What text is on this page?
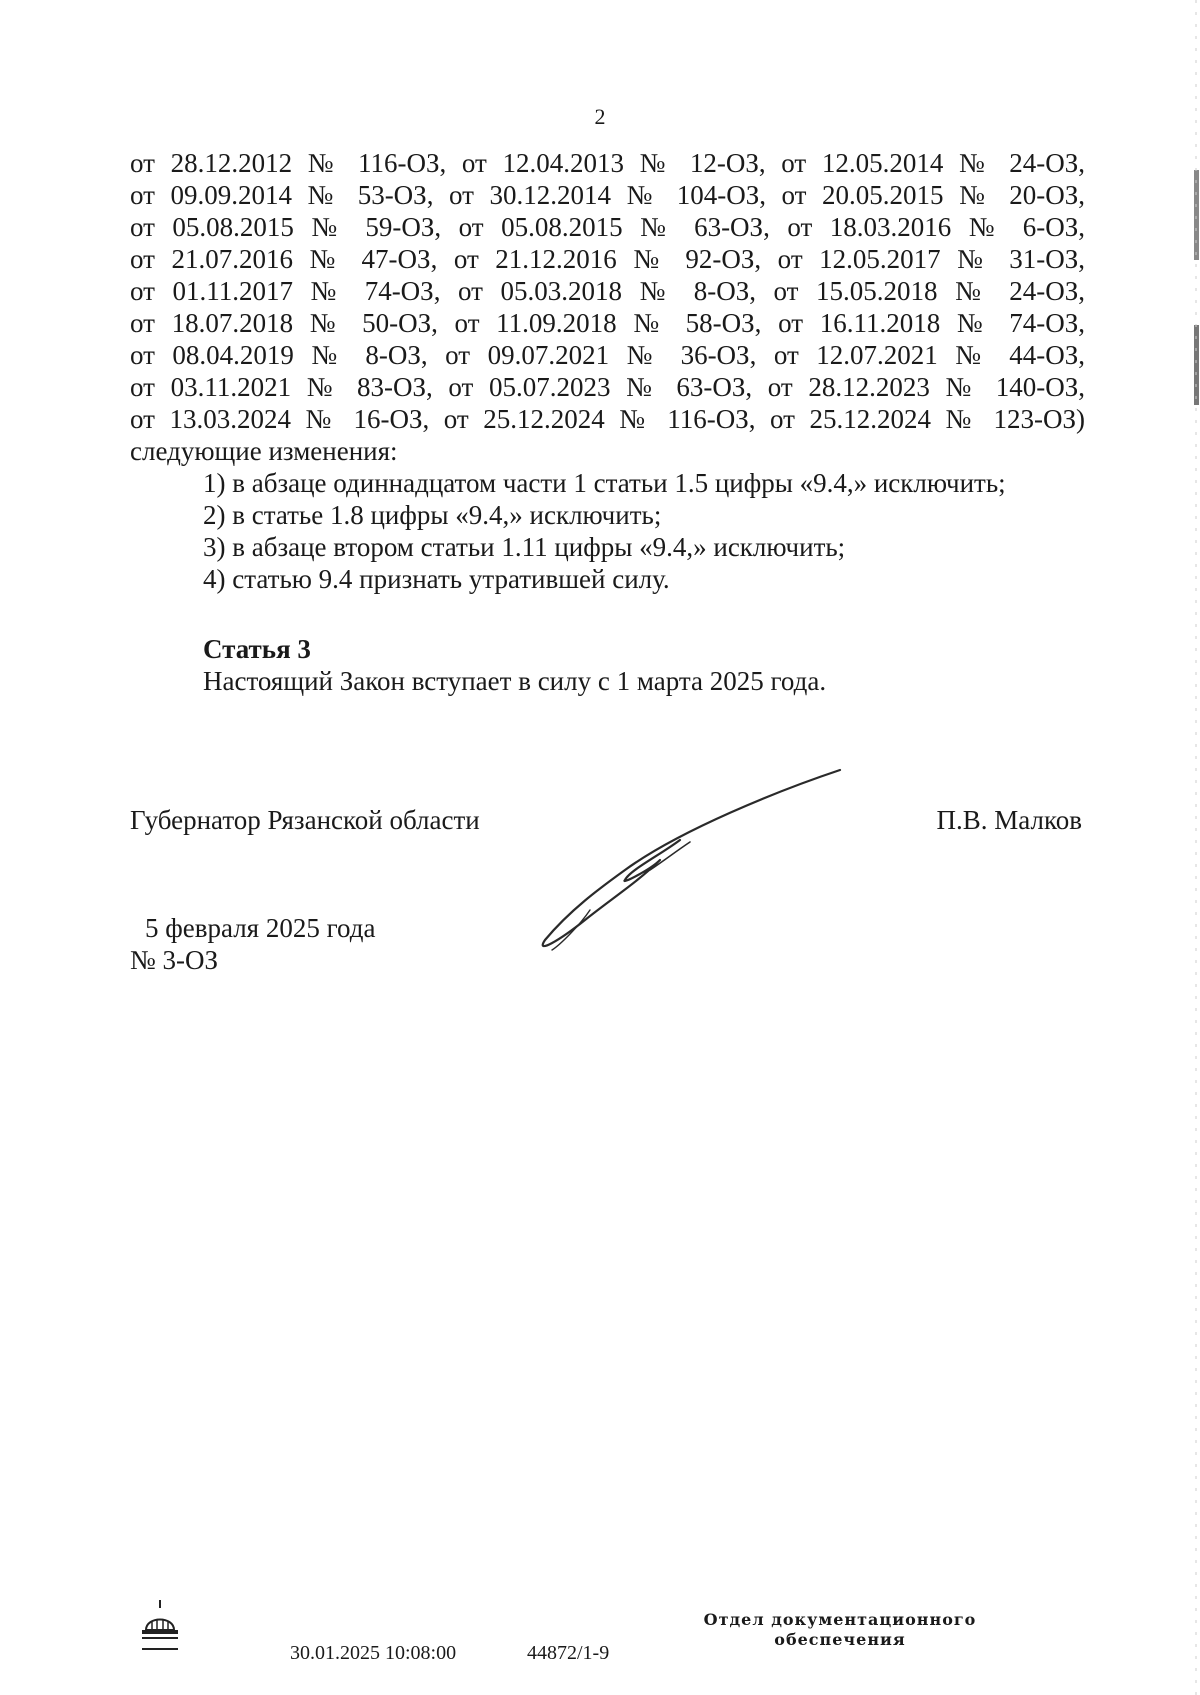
2
от 28.12.2012 № 116-ОЗ, от 12.04.2013 № 12-ОЗ, от 12.05.2014 № 24-ОЗ,
от 09.09.2014 № 53-ОЗ, от 30.12.2014 № 104-ОЗ, от 20.05.2015 № 20-ОЗ,
от 05.08.2015 № 59-ОЗ, от 05.08.2015 № 63-ОЗ, от 18.03.2016 № 6-ОЗ,
от 21.07.2016 № 47-ОЗ, от 21.12.2016 № 92-ОЗ, от 12.05.2017 № 31-ОЗ,
от 01.11.2017 № 74-ОЗ, от 05.03.2018 № 8-ОЗ, от 15.05.2018 № 24-ОЗ,
от 18.07.2018 № 50-ОЗ, от 11.09.2018 № 58-ОЗ, от 16.11.2018 № 74-ОЗ,
от 08.04.2019 № 8-ОЗ, от 09.07.2021 № 36-ОЗ, от 12.07.2021 № 44-ОЗ,
от 03.11.2021 № 83-ОЗ, от 05.07.2023 № 63-ОЗ, от 28.12.2023 № 140-ОЗ,
от 13.03.2024 № 16-ОЗ, от 25.12.2024 № 116-ОЗ, от 25.12.2024 № 123-ОЗ)
следующие изменения:
1) в абзаце одиннадцатом части 1 статьи 1.5 цифры «9.4,» исключить;
2) в статье 1.8 цифры «9.4,» исключить;
3) в абзаце втором статьи 1.11 цифры «9.4,» исключить;
4) статью 9.4 признать утратившей силу.
Статья 3
Настоящий Закон вступает в силу с 1 марта 2025 года.
Губернатор Рязанской области	П.В. Малков
5 февраля 2025 года
№ 3-ОЗ
30.01.2025 10:08:00	44872/1-9
Отдел документационного
обеспечения
